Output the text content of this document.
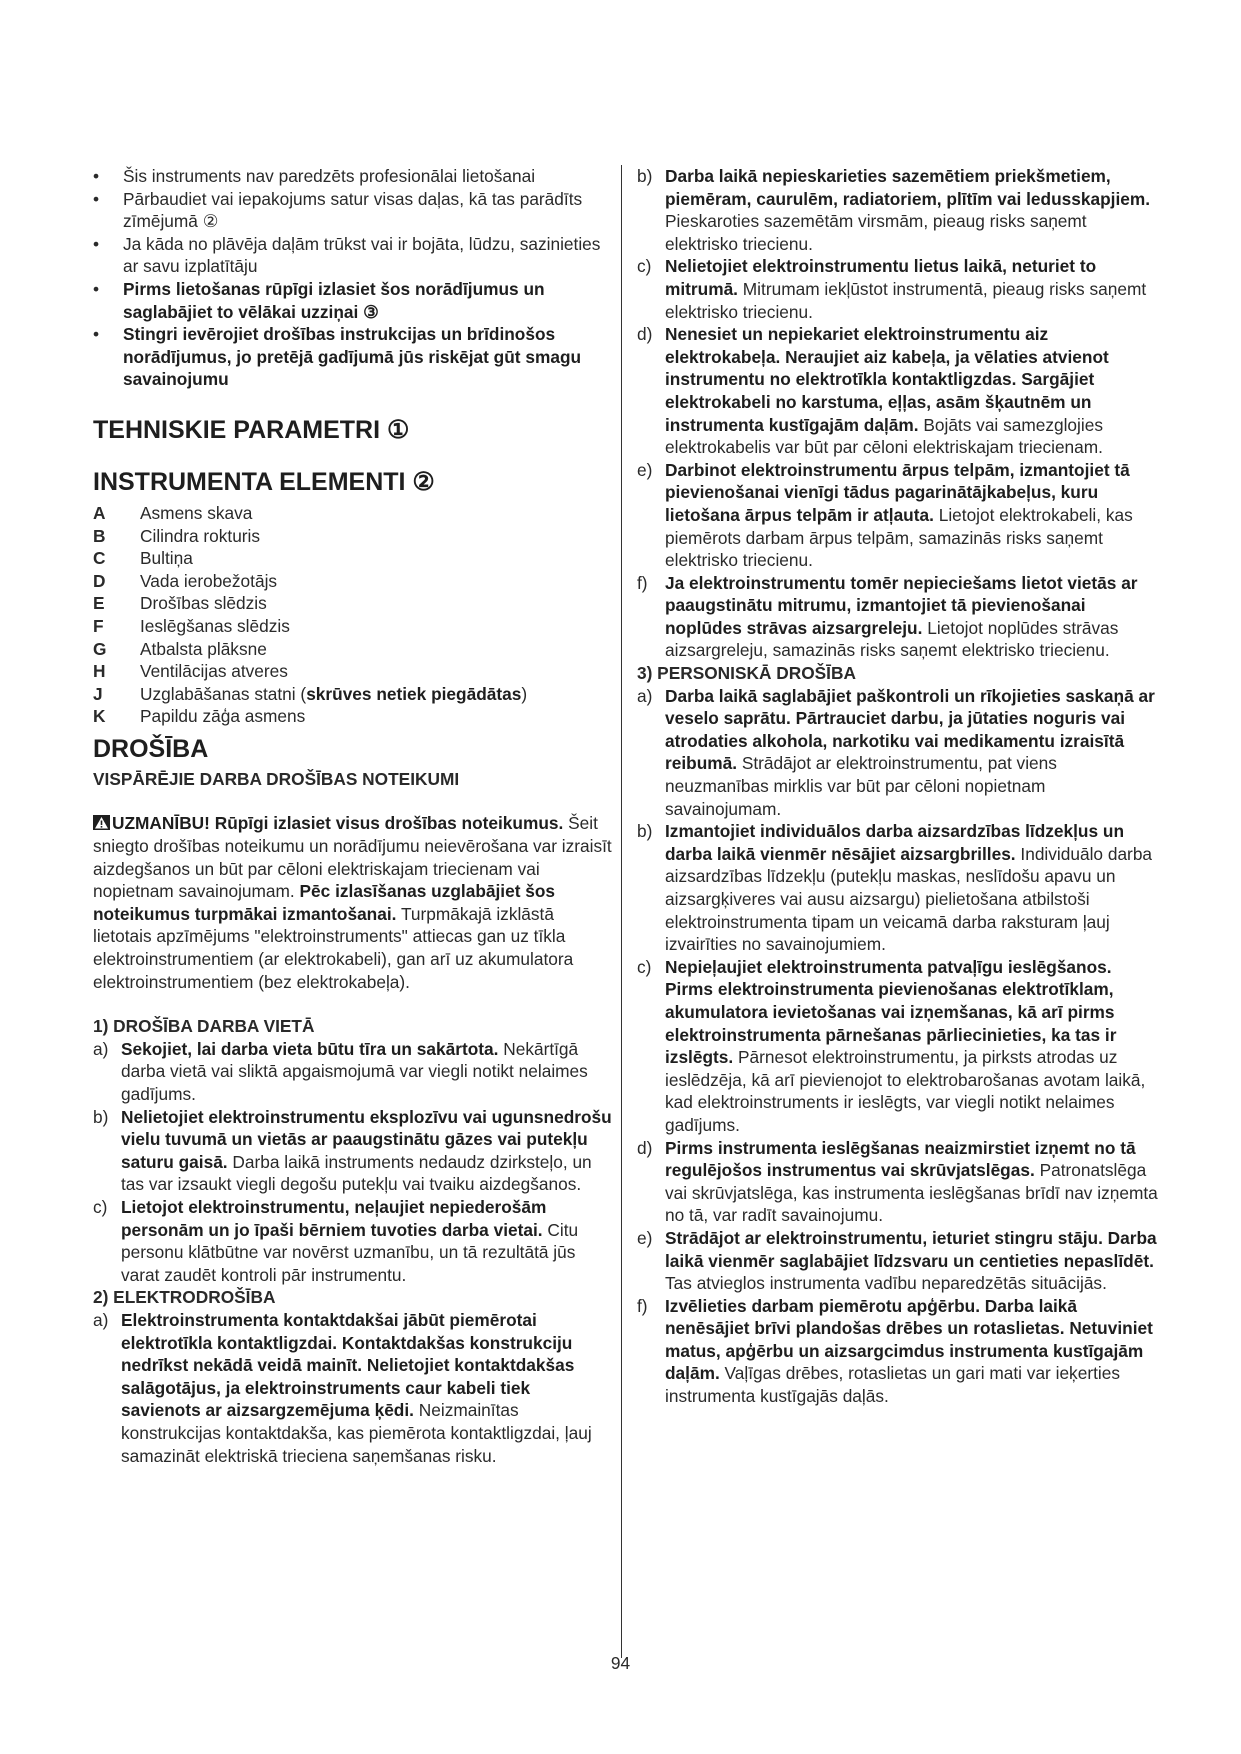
• Šis instruments nav paredzēts profesionālai lietošanai
• Pārbaudiet vai iepakojums satur visas daļas, kā tas parādīts zīmējumā ②
• Ja kāda no plāvēja daļām trūkst vai ir bojāta, lūdzu, sazinieties ar savu izplatītāju
• Pirms lietošanas rūpīgi izlasiet šos norādījumus un saglabājiet to vēlākai uzziņai ③
• Stingri ievērojiet drošības instrukcijas un brīdinošos norādījumus, jo pretējā gadījumā jūs riskējat gūt smagu savainojumu
TEHNISKIE PARAMETRI ①
INSTRUMENTA ELEMENTI ②
A	Asmens skava
B	Cilindra rokturis
C	Bultiņa
D	Vada ierobežotājs
E	Drošības slēdzis
F	Ieslēgšanas slēdzis
G	Atbalsta plāksne
H	Ventilācijas atveres
J	Uzglabāšanas statni (skrūves netiek piegādātas)
K	Papildu zāģa asmens
DROŠĪBA
VISPĀRĒJIE DARBA DROŠĪBAS NOTEIKUMI

UZMANĪBU! Rūpīgi izlasiet visus drošības noteikumus. Šeit sniegto drošības noteikumu un norādījumu neievērošana var izraisīt aizdegšanos un būt par cēloni elektriskajam triecienam vai nopietnam savainojumam. Pēc izlasīšanas uzglabājiet šos noteikumus turpmākai izmantošanai. Turpmākajā izklāstā lietotais apzīmējums "elektroinstruments" attiecas gan uz tīkla elektroinstrumentiem (ar elektrokabeli), gan arī uz akumulatora elektroinstrumentiem (bez elektrokabeļa).

1) DROŠĪBA DARBA VIETĀ
a) Sekojiet, lai darba vieta būtu tīra un sakārtota. Nekārtīgā darba vietā vai sliktā apgaismojumā var viegli notikt nelaimes gadījums.
b) Nelietojiet elektroinstrumentu eksplozīvu vai ugunsnedrošu vielu tuvumā un vietās ar paaugstinātu gāzes vai putekļu saturu gaisā. Darba laikā instruments nedaudz dzirksteļo, un tas var izsaukt viegli degošu putekļu vai tvaiku aizdegšanos.
c) Lietojot elektroinstrumentu, neļaujiet nepiederošām personām un jo īpaši bērniem tuvoties darba vietai. Citu personu klātbūtne var novērst uzmanību, un tā rezultātā jūs varat zaudēt kontroli pār instrumentu.
2) ELEKTRODROŠĪBA
a) Elektroinstrumenta kontaktdakšai jābūt piemērotai elektrotīkla kontaktligzdai. Kontaktdakšas konstrukciju nedrīkst nekādā veidā mainīt. Nelietojiet kontaktdakšas salāgotājus, ja elektroinstruments caur kabeli tiek savienots ar aizsargzemējuma ķēdi. Neizmainītas konstrukcijas kontaktdakša, kas piemērota kontaktligzdai, ļauj samazināt elektriskā trieciena saņemšanas risku.
b) Darba laikā nepieskarieties sazemētiem priekšmetiem, piemēram, caurulēm, radiatoriem, plītīm vai ledusskapjiem. Pieskaroties sazemētām virsmām, pieaug risks saņemt elektrisko triecienu.
c) Nelietojiet elektroinstrumentu lietus laikā, neturiet to mitrumā. Mitrumam iekļūstot instrumentā, pieaug risks saņemt elektrisko triecienu.
d) Nenesiet un nepiekariet elektroinstrumentu aiz elektrokabeļa. Neraujiet aiz kabeļa, ja vēlaties atvienot instrumentu no elektrotīkla kontaktligzdas. Sargājiet elektrokabeli no karstuma, eļļas, asām šķautnēm un instrumenta kustīgajām daļām. Bojāts vai samezglojies elektrokabelis var būt par cēloni elektriskajam triecienam.
e) Darbinot elektroinstrumentu ārpus telpām, izmantojiet tā pievienošanai vienīgi tādus pagarinātājkabeļus, kuru lietošana ārpus telpām ir atļauta. Lietojot elektrokabeli, kas piemērots darbam ārpus telpām, samazinās risks saņemt elektrisko triecienu.
f) Ja elektroinstrumentu tomēr nepieciešams lietot vietās ar paaugstinātu mitrumu, izmantojiet tā pievienošanai noplūdes strāvas aizsargreleju. Lietojot noplūdes strāvas aizsargreleju, samazinās risks saņemt elektrisko triecienu.
3) PERSONISKĀ DROŠĪBA
a) Darba laikā saglabājiet paškontroli un rīkojieties saskaņā ar veselo saprātu. Pārtrauciet darbu, ja jūtaties noguris vai atrodaties alkohola, narkotiku vai medikamentu izraisītā reibumā. Strādājot ar elektroinstrumentu, pat viens neuzmanības mirklis var būt par cēloni nopietnam savainojumam.
b) Izmantojiet individuālos darba aizsardzības līdzekļus un darba laikā vienmēr nēsājiet aizsargbrilles. Individuālo darba aizsardzības līdzekļu (putekļu maskas, neslīdošu apavu un aizsargķiveres vai ausu aizsargu) pielietošana atbilstoši elektroinstrumenta tipam un veicamā darba raksturam ļauj izvairīties no savainojumiem.
c) Nepieļaujiet elektroinstrumenta patvaļīgu ieslēgšanos. Pirms elektroinstrumenta pievienošanas elektrotīklam, akumulatora ievietošanas vai izņemšanas, kā arī pirms elektroinstrumenta pārnešanas pārliecinieties, ka tas ir izslēgts. Pārnesot elektroinstrumentu, ja pirksts atrodas uz ieslēdzēja, kā arī pievienojot to elektrobarošanas avotam laikā, kad elektroinstruments ir ieslēgts, var viegli notikt nelaimes gadījums.
d) Pirms instrumenta ieslēgšanas neaizmirstiet izņemt no tā regulējošos instrumentus vai skrūvjatslēgas. Patronatslēga vai skrūvjatslēga, kas instrumenta ieslēgšanas brīdī nav izņemta no tā, var radīt savainojumu.
e) Strādājot ar elektroinstrumentu, ieturiet stingru stāju. Darba laikā vienmēr saglabājiet līdzsvaru un centieties nepaslīdēt. Tas atvieglos instrumenta vadību neparedzētās situācijās.
f) Izvēlieties darbam piemērotu apģērbu. Darba laikā nenēsājiet brīvi plandošas drēbes un rotaslietas. Netuviniet matus, apģērbu un aizsargcimdus instrumenta kustīgajām daļām. Vaļīgas drēbes, rotaslietas un gari mati var ieķerties instrumenta kustīgajās daļās.
94
